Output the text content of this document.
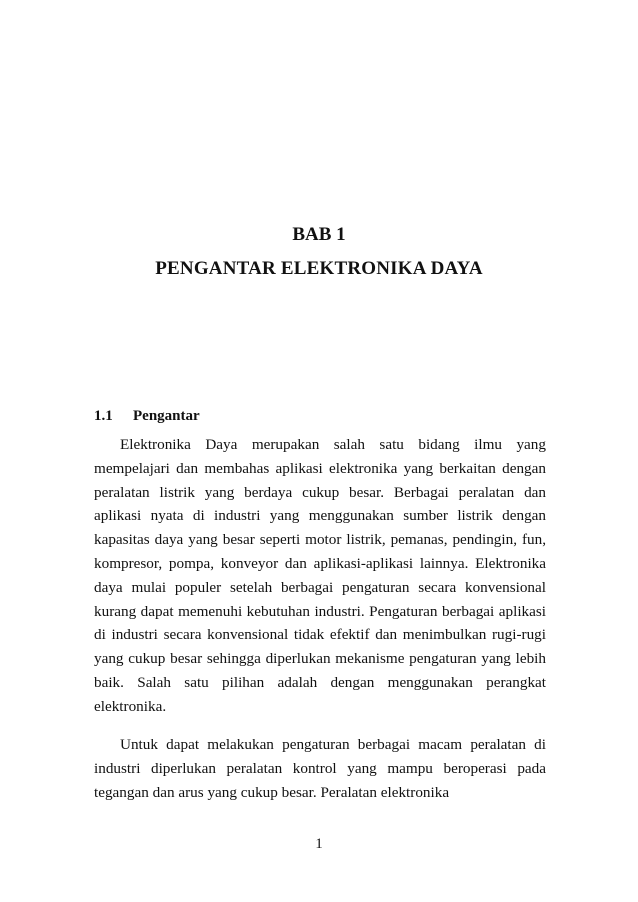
BAB 1
PENGANTAR ELEKTRONIKA DAYA
1.1 Pengantar

Elektronika Daya merupakan salah satu bidang ilmu yang mempelajari dan membahas aplikasi elektronika yang berkaitan dengan peralatan listrik yang berdaya cukup besar. Berbagai peralatan dan aplikasi nyata di industri yang menggunakan sumber listrik dengan kapasitas daya yang besar seperti motor listrik, pemanas, pendingin, fun, kompresor, pompa, konveyor dan aplikasi-aplikasi lainnya. Elektronika daya mulai populer setelah berbagai pengaturan secara konvensional kurang dapat memenuhi kebutuhan industri. Pengaturan berbagai aplikasi di industri secara konvensional tidak efektif dan menimbulkan rugi-rugi yang cukup besar sehingga diperlukan mekanisme pengaturan yang lebih baik. Salah satu pilihan adalah dengan menggunakan perangkat elektronika.

Untuk dapat melakukan pengaturan berbagai macam peralatan di industri diperlukan peralatan kontrol yang mampu beroperasi pada tegangan dan arus yang cukup besar. Peralatan elektronika

1
